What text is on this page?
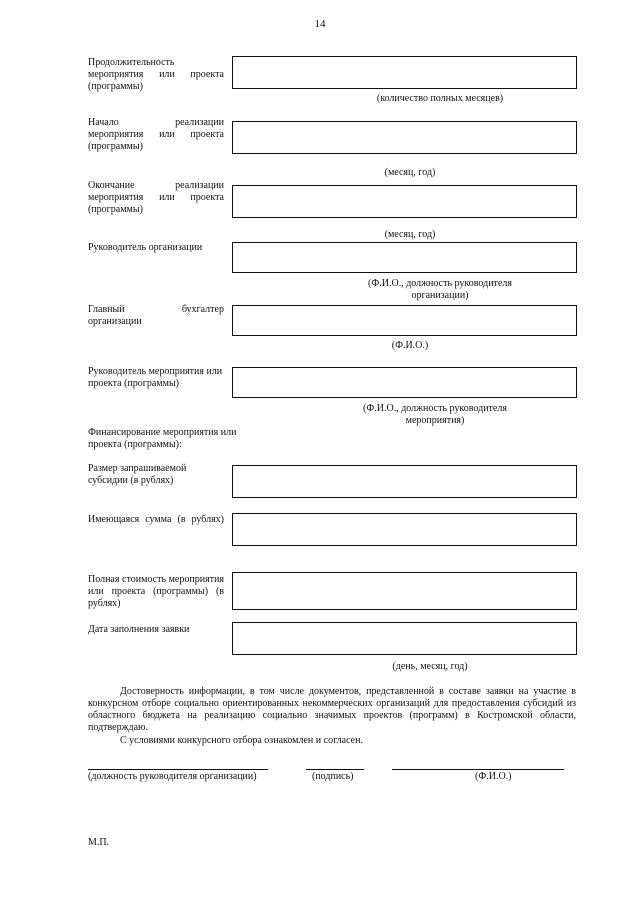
14
Продолжительность мероприятия или проекта (программы)
(количество полных месяцев)
Начало реализации мероприятия или проекта (программы)
(месяц, год)
Окончание реализации мероприятия или проекта (программы)
(месяц, год)
Руководитель организации
(Ф.И.О., должность руководителя организации)
Главный бухгалтер организации
(Ф.И.О.)
Руководитель мероприятия или проекта (программы)
(Ф.И.О., должность руководителя мероприятия)
Финансирование мероприятия или проекта (программы):
Размер запрашиваемой субсидии (в рублях)
Имеющаяся сумма (в рублях)
Полная стоимость мероприятия или проекта (программы) (в рублях)
Дата заполнения заявки
(день, месяц, год)
Достоверность информации, в том числе документов, представленной в составе заявки на участие в конкурсном отборе социально ориентированных некоммерческих организаций для предоставления субсидий из областного бюджета на реализацию социально значимых проектов (программ) в Костромской области, подтверждаю.
С условиями конкурсного отбора ознакомлен и согласен.
(должность руководителя организации)	(подпись)	(Ф.И.О.)
М.П.
